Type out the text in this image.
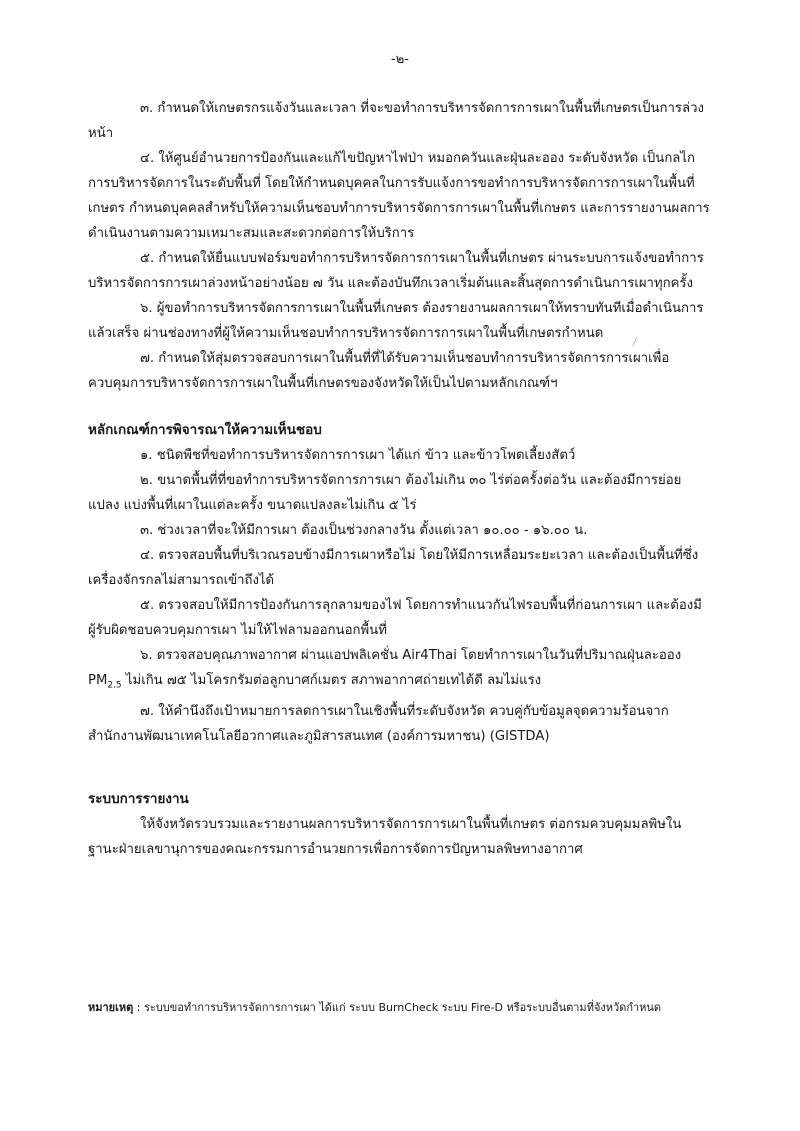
-๒-

๓. กำหนดให้เกษตรกรแจ้งวันและเวลา ที่จะขอทำการบริหารจัดการการเผาในพื้นที่เกษตรเป็นการล่วงหน้า

๔. ให้ศูนย์อำนวยการป้องกันและแก้ไขปัญหาไฟป่า หมอกควันและฝุ่นละออง ระดับจังหวัด เป็นกลไกการบริหารจัดการในระดับพื้นที่ โดยให้กำหนดบุคคลในการรับแจ้งการขอทำการบริหารจัดการการเผาในพื้นที่เกษตร กำหนดบุคคลสำหรับให้ความเห็นชอบทำการบริหารจัดการการเผาในพื้นที่เกษตร และการรายงานผลการดำเนินงานตามความเหมาะสมและสะดวกต่อการให้บริการ

๕. กำหนดให้ยื่นแบบฟอร์มขอทำการบริหารจัดการการเผาในพื้นที่เกษตร ผ่านระบบการแจ้งขอทำการบริหารจัดการการเผาล่วงหน้าอย่างน้อย ๗ วัน และต้องบันทึกเวลาเริ่มต้นและสิ้นสุดการดำเนินการเผาทุกครั้ง

๖. ผู้ขอทำการบริหารจัดการการเผาในพื้นที่เกษตร ต้องรายงานผลการเผาให้ทราบทันทีเมื่อดำเนินการแล้วเสร็จ ผ่านช่องทางที่ผู้ให้ความเห็นชอบทำการบริหารจัดการการเผาในพื้นที่เกษตรกำหนด

๗. กำหนดให้สุ่มตรวจสอบการเผาในพื้นที่ที่ได้รับความเห็นชอบทำการบริหารจัดการการเผาเพื่อควบคุมการบริหารจัดการการเผาในพื้นที่เกษตรของจังหวัดให้เป็นไปตามหลักเกณฑ์ฯ

หลักเกณฑ์การพิจารณาให้ความเห็นชอบ

๑. ชนิดพืชที่ขอทำการบริหารจัดการการเผา ได้แก่ ข้าว และข้าวโพดเลี้ยงสัตว์

๒. ขนาดพื้นที่ที่ขอทำการบริหารจัดการการเผา ต้องไม่เกิน ๓๐ ไร่ต่อครั้งต่อวัน และต้องมีการย่อยแปลง แบ่งพื้นที่เผาในแต่ละครั้ง ขนาดแปลงละไม่เกิน ๕ ไร่

๓. ช่วงเวลาที่จะให้มีการเผา ต้องเป็นช่วงกลางวัน ตั้งแต่เวลา ๑๐.๐๐ - ๑๖.๐๐ น.

๔. ตรวจสอบพื้นที่บริเวณรอบข้างมีการเผาหรือไม่ โดยให้มีการเหลื่อมระยะเวลา และต้องเป็นพื้นที่ซึ่งเครื่องจักรกลไม่สามารถเข้าถึงได้

๕. ตรวจสอบให้มีการป้องกันการลุกลามของไฟ โดยการทำแนวกันไฟรอบพื้นที่ก่อนการเผา และต้องมีผู้รับผิดชอบควบคุมการเผา ไม่ให้ไฟลามออกนอกพื้นที่

๖. ตรวจสอบคุณภาพอากาศ ผ่านแอปพลิเคชั่น Air4Thai โดยทำการเผาในวันที่ปริมาณฝุ่นละออง $PM_{2.5}$ ไม่เกิน ๗๕ ไมโครกรัมต่อลูกบาศก์เมตร สภาพอากาศถ่ายเทได้ดี ลมไม่แรง

๗. ให้คำนึงถึงเป้าหมายการลดการเผาในเชิงพื้นที่ระดับจังหวัด ควบคู่กับข้อมูลจุดความร้อนจากสำนักงานพัฒนาเทคโนโลยีอวกาศและภูมิสารสนเทศ (องค์การมหาชน) (GISTDA)

ระบบการรายงาน

ให้จังหวัดรวบรวมและรายงานผลการบริหารจัดการการเผาในพื้นที่เกษตร ต่อกรมควบคุมมลพิษในฐานะฝ่ายเลขานุการของคณะกรรมการอำนวยการเพื่อการจัดการปัญหามลพิษทางอากาศ

หมายเหตุ : ระบบขอทำการบริหารจัดการการเผา ได้แก่ ระบบ BurnCheck ระบบ Fire-D หรือระบบอื่นตามที่จังหวัดกำหนด
